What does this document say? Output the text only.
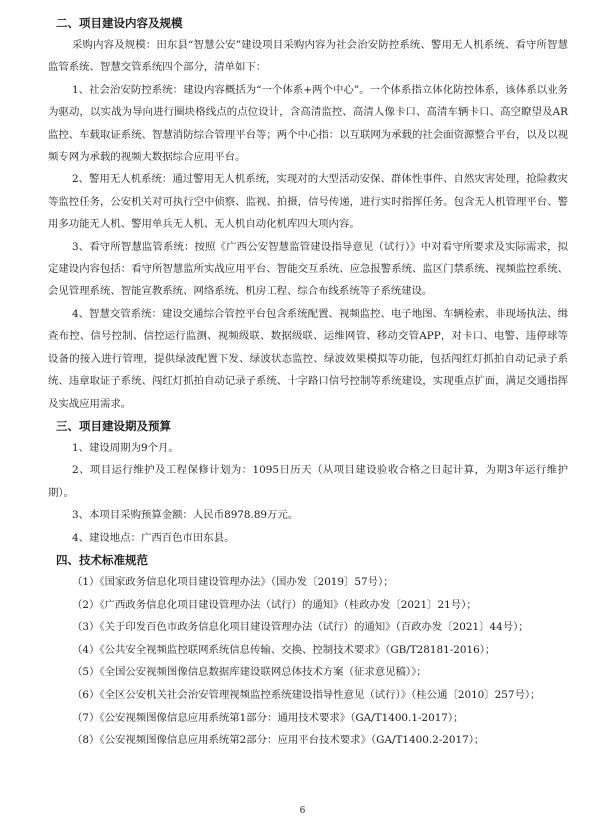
二、项目建设内容及规模

采购内容及规模：田东县“智慧公安”建设项目采购内容为社会治安防控系统、警用无人机系统、看守所智慧监管系统、智慧交管系统四个部分，清单如下：

1、社会治安防控系统：建设内容概括为“一个体系+两个中心”。一个体系指立体化防控体系，该体系以业务为驱动，以实战为导向进行圈块格线点的点位设计，含高清监控、高清人像卡口、高清车辆卡口、高空瞭望及AR监控、车载取证系统、智慧消防综合管理平台等；两个中心指：以互联网为承载的社会面资源整合平台，以及以视频专网为承载的视频大数据综合应用平台。

2、警用无人机系统：通过警用无人机系统，实现对的大型活动安保、群体性事件、自然灾害处理，抢险救灾等监控任务，公安机关对可执行空中侦察、监视、拍摄，信号传递，进行实时指挥任务。包含无人机管理平台、警用多功能无人机、警用单兵无人机、无人机自动化机库四大项内容。

3、看守所智慧监管系统：按照《广西公安智慧监管建设指导意见（试行）》中对看守所要求及实际需求，拟定建设内容包括：看守所智慧监所实战应用平台、智能交互系统、应急报警系统、监区门禁系统、视频监控系统、会见管理系统、智能宣教系统、网络系统、机房工程、综合布线系统等子系统建设。

4、智慧交管系统：建设交通综合管控平台包含系统配置、视频监控、电子地图、车辆检索、非现场执法、缉查布控、信号控制、信控运行监测、视频级联、数据级联、运维网管、移动交管APP，对卡口、电警、违停球等设备的接入进行管理，提供绿波配置下发、绿波状态监控、绿波效果模拟等功能，包括闯红灯抓拍自动记录子系统、违章取证子系统、闯红灯抓拍自动记录子系统、十字路口信号控制等系统建设，实现重点扩面，满足交通指挥及实战应用需求。

三、项目建设期及预算

1、建设周期为9个月。

2、项目运行维护及工程保修计划为：1095日历天（从项目建设验收合格之日起计算，为期3年运行维护期）。

3、本项目采购预算金额：人民币8978.89万元。

4、建设地点：广西百色市田东县。

四、技术标准规范

（1）《国家政务信息化项目建设管理办法》（国办发〔2019〕57号）；

（2）《广西政务信息化项目建设管理办法（试行）的通知》（桂政办发〔2021〕21号）；

（3）《关于印发百色市政务信息化项目建设管理办法（试行）的通知》（百政办发〔2021〕44号）；

（4）《公共安全视频监控联网系统信息传输、交换、控制技术要求》（GB/T28181-2016）；

（5）《全国公安视频图像信息数据库建设联网总体技术方案（征求意见稿）》；

（6）《全区公安机关社会治安管理视频监控系统建设指导性意见（试行）》（桂公通〔2010〕257号）；

（7）《公安视频图像信息应用系统第1部分：通用技术要求》（GA/T1400.1-2017）；

（8）《公安视频图像信息应用系统第2部分：应用平台技术要求》（GA/T1400.2-2017）；

6
